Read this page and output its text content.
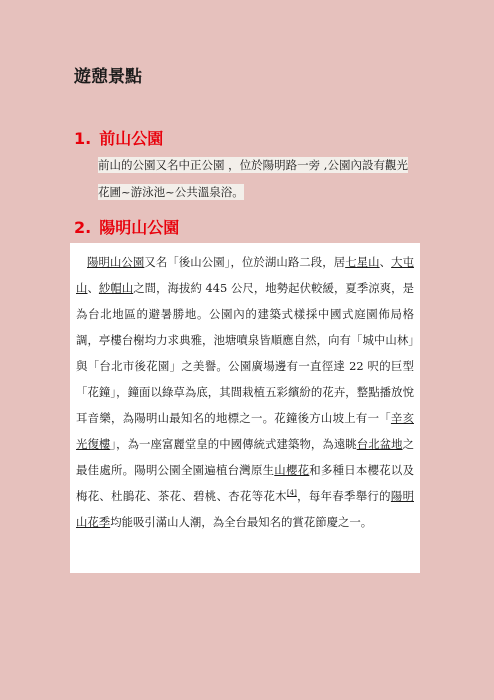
遊憩景點
1. 前山公園

前山的公園又名中正公園 ，位於陽明路一旁 ,公園內設有觀光
花圃~游泳池~公共溫泉浴。

2. 陽明山公園

陽明山公園又名「後山公園」，位於湖山路二段，居七星山、大屯山、紗帽山之間，海拔約 445 公尺，地勢起伏較緩，夏季涼爽，是為台北地區的避暑勝地。公園內的建築式樣採中國式庭園佈局格調，亭樓台榭均力求典雅，池塘噴泉皆順應自然，向有「城中山林」與「台北市後花園」之美譽。公園廣場邊有一直徑達 22 呎的巨型「花鐘」，鐘面以綠草為底，其間栽植五彩繽紛的花卉，整點播放悅耳音樂，為陽明山最知名的地標之一。花鐘後方山坡上有一「辛亥光復樓」，為一座富麗堂皇的中國傳統式建築物，為遠眺台北盆地之最佳處所。陽明公園全園遍植台灣原生山櫻花和多種日本櫻花以及梅花、杜鵑花、茶花、碧桃、杏花等花木[4]，每年春季舉行的陽明山花季均能吸引滿山人潮，為全台最知名的賞花節慶之一。
